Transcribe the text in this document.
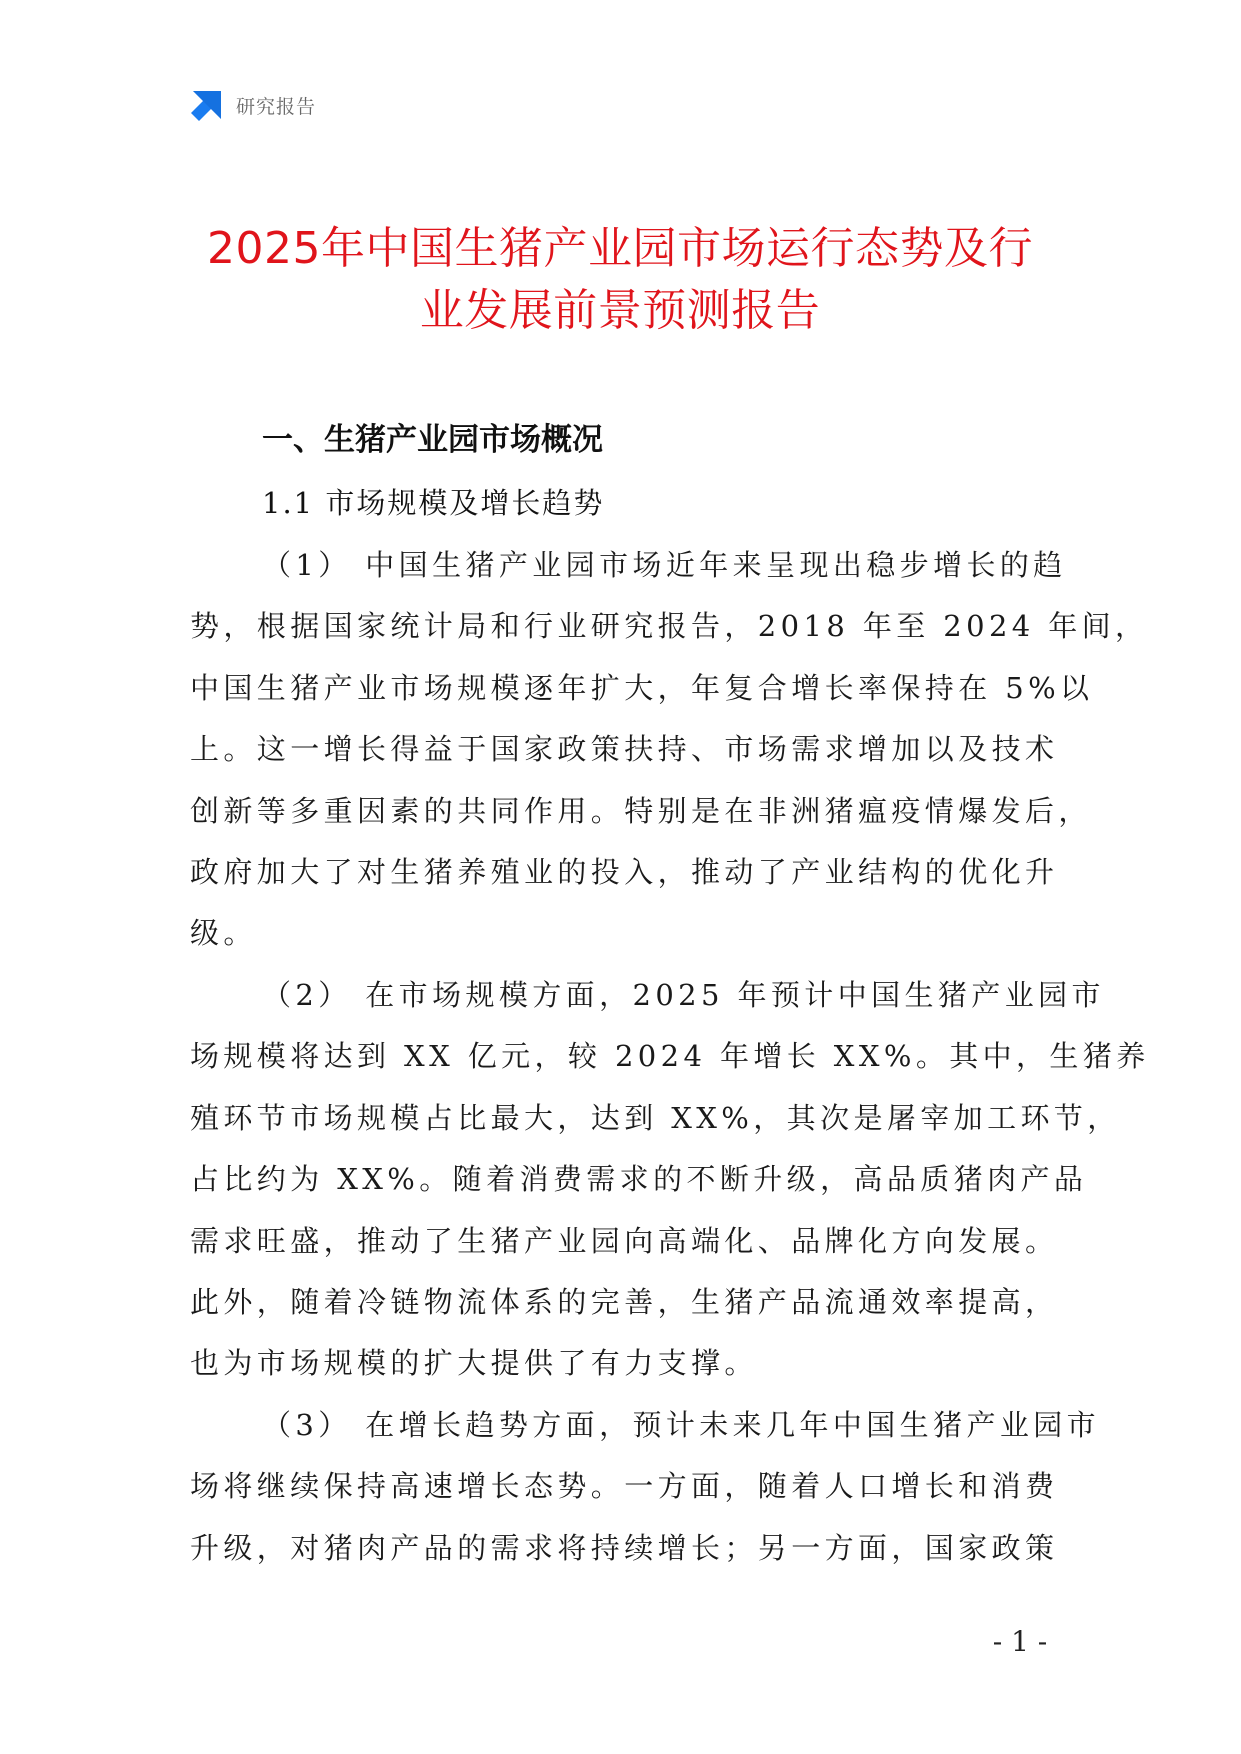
研究报告
2025年中国生猪产业园市场运行态势及行
业发展前景预测报告
一、生猪产业园市场概况
1.1 市场规模及增长趋势
（1） 中国生猪产业园市场近年来呈现出稳步增长的趋
势，根据国家统计局和行业研究报告，2018 年至 2024 年间，
中国生猪产业市场规模逐年扩大，年复合增长率保持在 5%以
上。这一增长得益于国家政策扶持、市场需求增加以及技术
创新等多重因素的共同作用。特别是在非洲猪瘟疫情爆发后，
政府加大了对生猪养殖业的投入，推动了产业结构的优化升
级。
（2） 在市场规模方面，2025 年预计中国生猪产业园市
场规模将达到 XX 亿元，较 2024 年增长 XX%。其中，生猪养
殖环节市场规模占比最大，达到 XX%，其次是屠宰加工环节，
占比约为 XX%。随着消费需求的不断升级，高品质猪肉产品
需求旺盛，推动了生猪产业园向高端化、品牌化方向发展。
此外，随着冷链物流体系的完善，生猪产品流通效率提高，
也为市场规模的扩大提供了有力支撑。
（3） 在增长趋势方面，预计未来几年中国生猪产业园市
场将继续保持高速增长态势。一方面，随着人口增长和消费
升级，对猪肉产品的需求将持续增长；另一方面，国家政策
- 1 -
